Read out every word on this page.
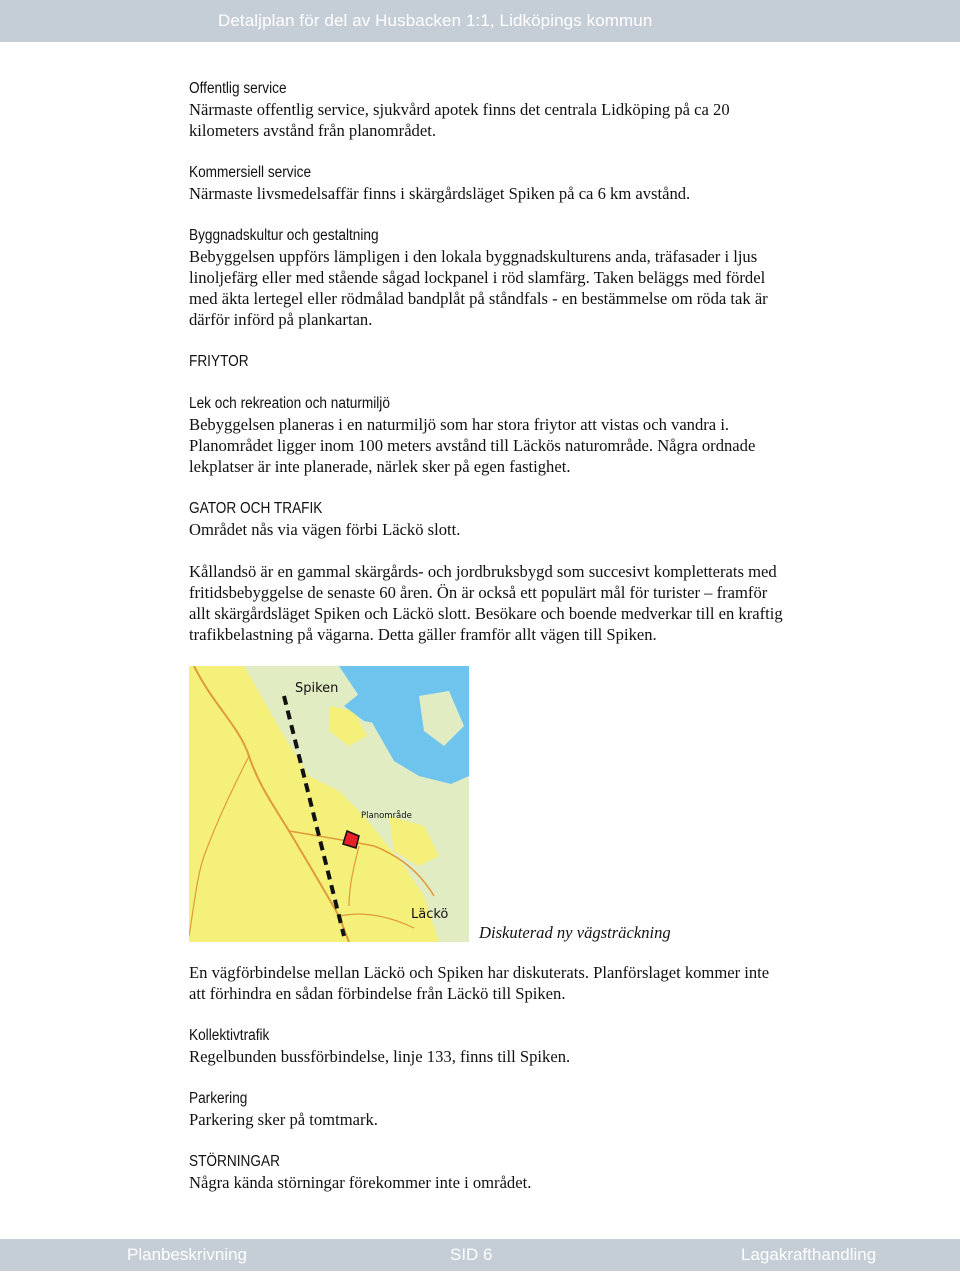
Detaljplan för del av Husbacken 1:1, Lidköpings kommun
Offentlig service

Närmaste offentlig service, sjukvård apotek finns det centrala Lidköping på ca 20 kilometers avstånd från planområdet.

Kommersiell service

Närmaste livsmedelsaffär finns i skärgårdsläget Spiken på ca 6 km avstånd.

Byggnadskultur och gestaltning

Bebyggelsen uppförs lämpligen i den lokala byggnadskulturens anda, träfasader i ljus linoljefärg eller med stående sågad lockpanel i röd slamfärg. Taken beläggs med fördel med äkta lertegel eller rödmålad bandplåt på ståndfals - en bestämmelse om röda tak är därför införd på plankartan.

FRIYTOR
Lek och rekreation och naturmiljö

Bebyggelsen planeras i en naturmiljö som har stora friytor att vistas och vandra i. Planområdet ligger inom 100 meters avstånd till Läckös naturområde. Några ordnade lekplatser är inte planerade, närlek sker på egen fastighet.

GATOR OCH TRAFIK

Området nås via vägen förbi Läckö slott.

Kållandsö är en gammal skärgårds- och jordbruksbygd som succesivt kompletterats med fritidsbebyggelse de senaste 60 åren. Ön är också ett populärt mål för turister – framför allt skärgårdsläget Spiken och Läckö slott. Besökare och boende medverkar till en kraftig trafikbelastning på vägarna. Detta gäller framför allt vägen till Spiken.

Spiken
Planområde
Läckö
Diskuterad ny vägsträckning

En vägförbindelse mellan Läckö och Spiken har diskuterats. Planförslaget kommer inte att förhindra en sådan förbindelse från Läckö till Spiken.

Kollektivtrafik

Regelbunden bussförbindelse, linje 133, finns till Spiken.

Parkering

Parkering sker på tomtmark.

STÖRNINGAR

Några kända störningar förekommer inte i området.

Planbeskrivning	SID 6	Lagakrafthandling
